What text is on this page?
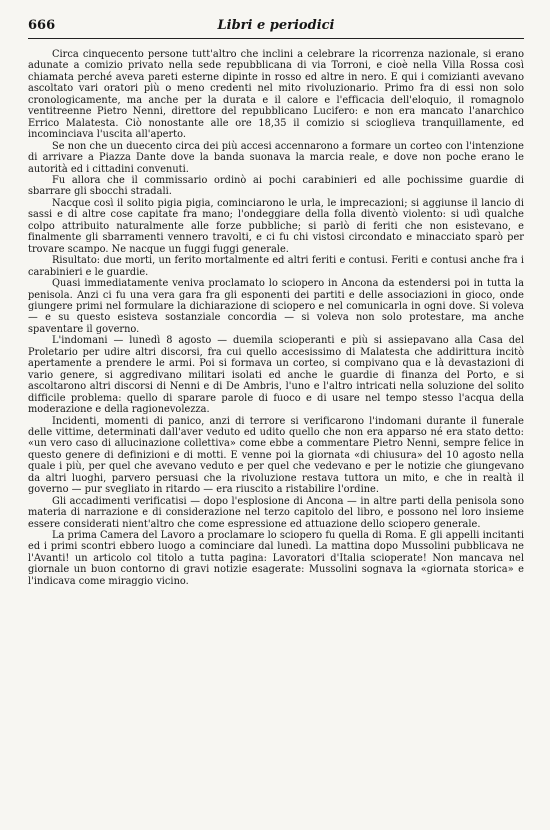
666	Libri e periodici

Circa cinquecento persone tutt'altro che inclini a celebrare la ricorrenza nazionale, si erano adunate a comizio privato nella sede repubblicana di via Torroni, e cioè nella Villa Rossa così chiamata perché aveva pareti esterne dipinte in rosso ed altre in nero. E qui i comizianti avevano ascoltato vari oratori più o meno credenti nel mito rivoluzionario. Primo fra di essi non solo cronologicamente, ma anche per la durata e il calore e l'efficacia dell'eloquio, il romagnolo ventitreenne Pietro Nenni, direttore del repubblicano Lucifero: e non era mancato l'anarchico Errico Malatesta. Ciò nonostante alle ore 18,35 il comizio si scioglieva tranquillamente, ed incominciava l'uscita all'aperto.

Se non che un duecento circa dei più accesi accennarono a formare un corteo con l'intenzione di arrivare a Piazza Dante dove la banda suonava la marcia reale, e dove non poche erano le autorità ed i cittadini convenuti.

Fu allora che il commissario ordinò ai pochi carabinieri ed alle pochissime guardie di sbarrare gli sbocchi stradali.

Nacque così il solito pigia pigia, cominciarono le urla, le imprecazioni; si aggiunse il lancio di sassi e di altre cose capitate fra mano; l'ondeggiare della folla diventò violento: si udì qualche colpo attribuito naturalmente alle forze pubbliche; si parlò di feriti che non esistevano, e finalmente gli sbarramenti vennero travolti, e ci fu chi vistosi circondato e minacciato sparò per trovare scampo. Ne nacque un fuggi fuggi generale.

Risultato: due morti, un ferito mortalmente ed altri feriti e contusi. Feriti e contusi anche fra i carabinieri e le guardie.

Quasi immediatamente veniva proclamato lo sciopero in Ancona da estendersi poi in tutta la penisola. Anzi ci fu una vera gara fra gli esponenti dei partiti e delle associazioni in gioco, onde giungere primi nel formulare la dichiarazione di sciopero e nel comunicarla in ogni dove. Si voleva — e su questo esisteva sostanziale concordia — si voleva non solo protestare, ma anche spaventare il governo.

L'indomani — lunedì 8 agosto — duemila scioperanti e più si assiepavano alla Casa del Proletario per udire altri discorsi, fra cui quello accesissimo di Malatesta che addirittura incitò apertamente a prendere le armi. Poi si formava un corteo, si compivano qua e là devastazioni di vario genere, si aggredivano militari isolati ed anche le guardie di finanza del Porto, e si ascoltarono altri discorsi di Nenni e di De Ambris, l'uno e l'altro intricati nella soluzione del solito difficile problema: quello di sparare parole di fuoco e di usare nel tempo stesso l'acqua della moderazione e della ragionevolezza.

Incidenti, momenti di panico, anzi di terrore si verificarono l'indomani durante il funerale delle vittime, determinati dall'aver veduto ed udito quello che non era apparso né era stato detto: «un vero caso di allucinazione collettiva» come ebbe a commentare Pietro Nenni, sempre felice in questo genere di definizioni e di motti. E venne poi la giornata «di chiusura» del 10 agosto nella quale i più, per quel che avevano veduto e per quel che vedevano e per le notizie che giungevano da altri luoghi, parvero persuasi che la rivoluzione restava tuttora un mito, e che in realtà il governo — pur svegliato in ritardo — era riuscito a ristabilire l'ordine.

Gli accadimenti verificatisi — dopo l'esplosione di Ancona — in altre parti della penisola sono materia di narrazione e di considerazione nel terzo capitolo del libro, e possono nel loro insieme essere considerati nient'altro che come espressione ed attuazione dello sciopero generale.

La prima Camera del Lavoro a proclamare lo sciopero fu quella di Roma. E gli appelli incitanti ed i primi scontri ebbero luogo a cominciare dal lunedì. La mattina dopo Mussolini pubblicava ne l'Avanti! un articolo col titolo a tutta pagina: Lavoratori d'Italia scioperate! Non mancava nel giornale un buon contorno di gravi notizie esagerate: Mussolini sognava la «giornata storica» e l'indicava come miraggio vicino.
